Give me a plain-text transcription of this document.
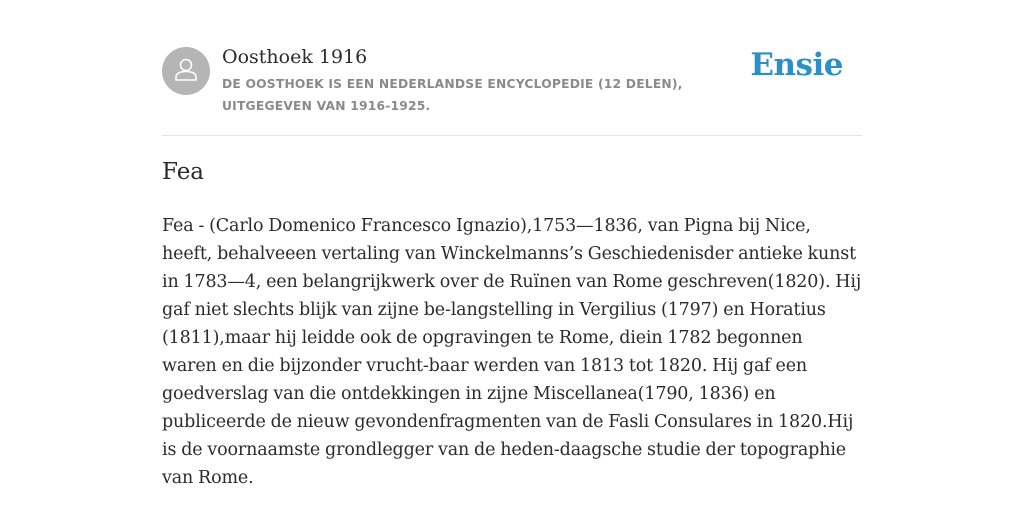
Oosthoek 1916
DE OOSTHOEK IS EEN NEDERLANDSE ENCYCLOPEDIE (12 DELEN), UITGEGEVEN VAN 1916-1925.
Ensie
Fea

Fea - (Carlo Domenico Francesco Ignazio),1753—1836, van Pigna bij Nice, heeft, behalveeen vertaling van Winckelmanns’s Geschiedenisder antieke kunst in 1783—4, een belangrijkwerk over de Ruïnen van Rome geschreven(1820). Hij gaf niet slechts blijk van zijne be-langstelling in Vergilius (1797) en Horatius (1811),maar hij leidde ook de opgravingen te Rome, diein 1782 begonnen waren en die bijzonder vrucht-baar werden van 1813 tot 1820. Hij gaf een goedverslag van die ontdekkingen in zijne Miscellanea(1790, 1836) en publiceerde de nieuw gevondenfragmenten van de Fasli Consulares in 1820.Hij is de voornaamste grondlegger van de heden-daagsche studie der topographie van Rome.
